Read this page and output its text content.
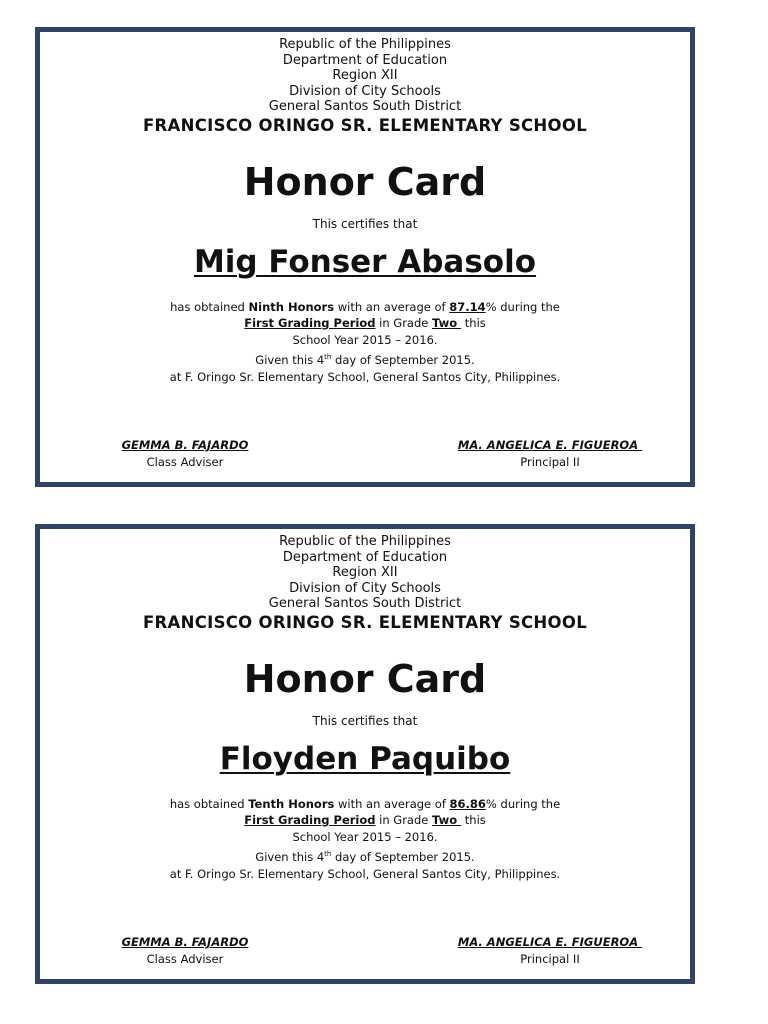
Republic of the Philippines
Department of Education
Region XII
Division of City Schools
General Santos South District
FRANCISCO ORINGO SR. ELEMENTARY SCHOOL
Honor Card
This certifies that
Mig Fonser Abasolo
has obtained Ninth Honors with an average of 87.14% during the
First Grading Period in Grade Two  this
School Year 2015 – 2016.
Given this 4th day of September 2015.
at F. Oringo Sr. Elementary School, General Santos City, Philippines.
GEMMA B. FAJARDO
Class Adviser
MA. ANGELICA E. FIGUEROA
Principal II
Republic of the Philippines
Department of Education
Region XII
Division of City Schools
General Santos South District
FRANCISCO ORINGO SR. ELEMENTARY SCHOOL
Honor Card
This certifies that
Floyden Paquibo
has obtained Tenth Honors with an average of 86.86% during the
First Grading Period in Grade Two  this
School Year 2015 – 2016.
Given this 4th day of September 2015.
at F. Oringo Sr. Elementary School, General Santos City, Philippines.
GEMMA B. FAJARDO
Class Adviser
MA. ANGELICA E. FIGUEROA
Principal II
